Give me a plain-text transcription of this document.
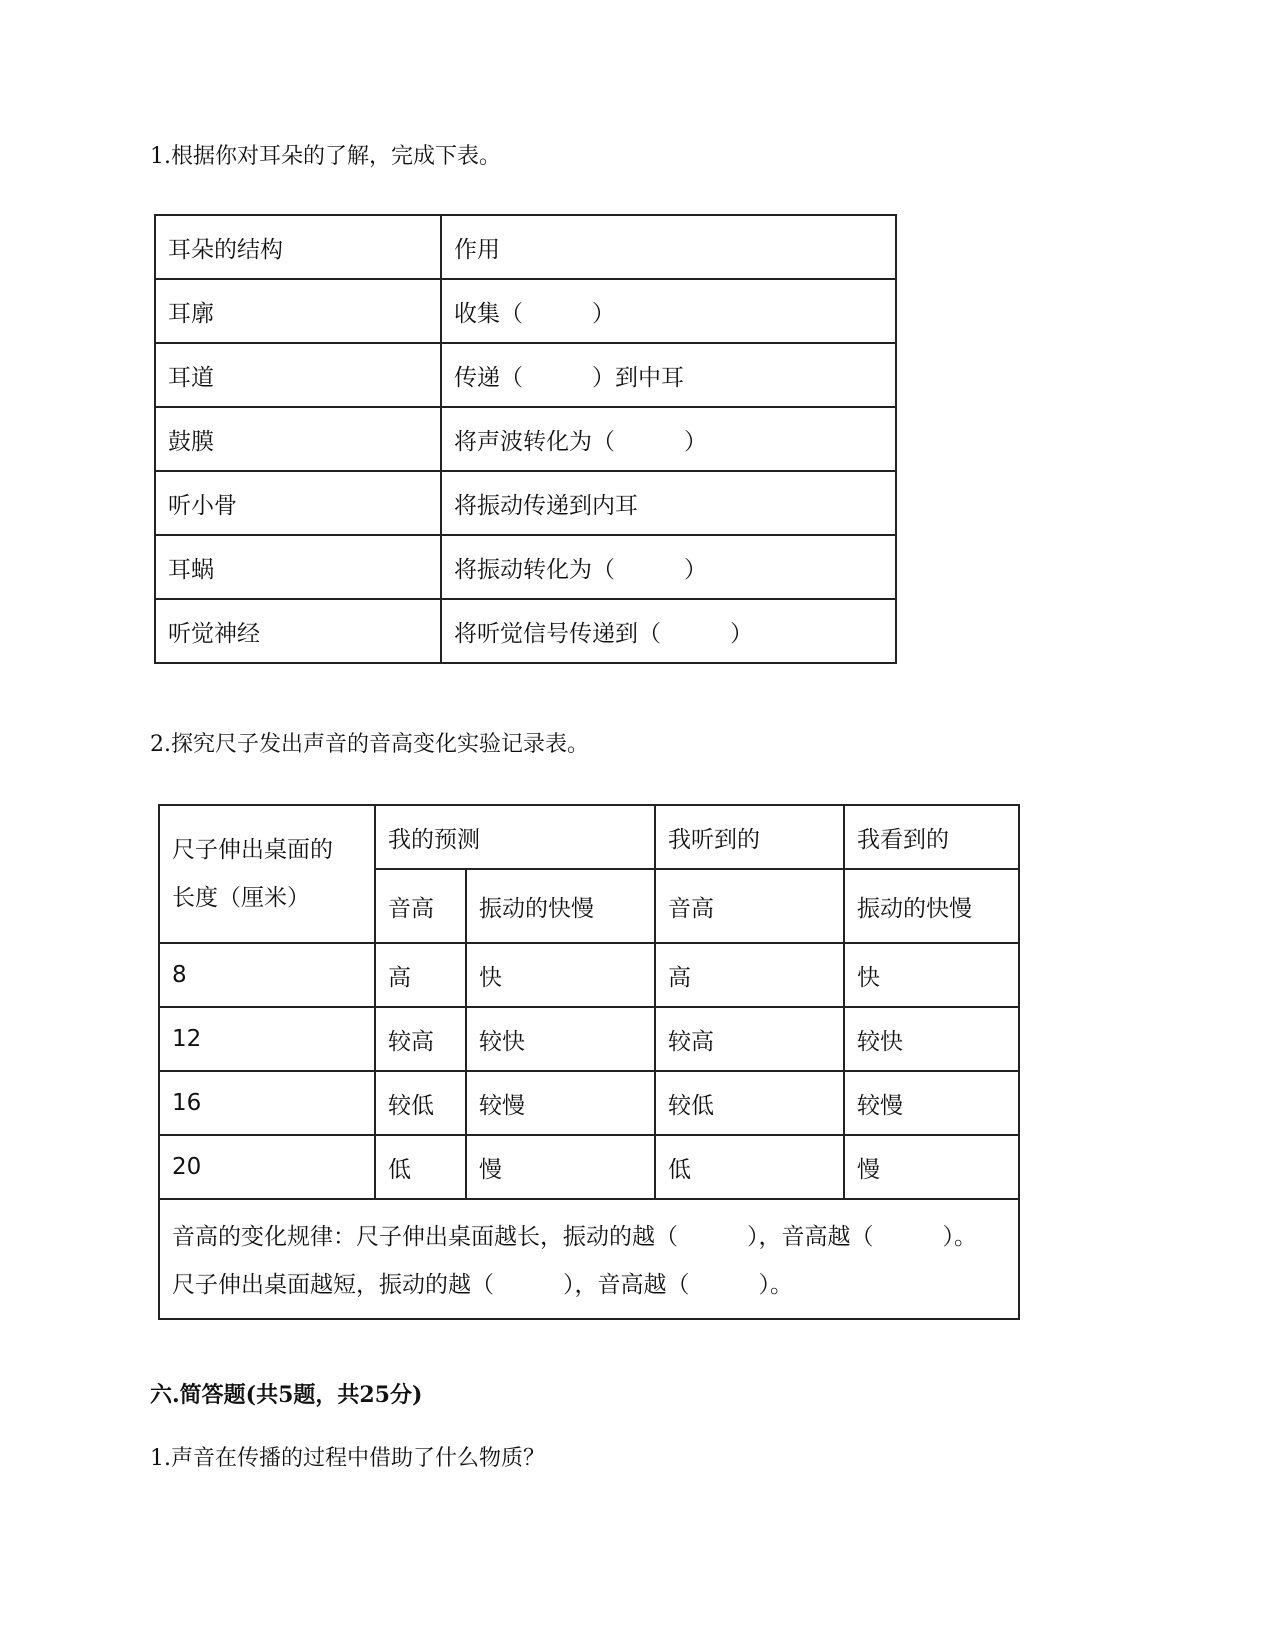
1.根据你对耳朵的了解，完成下表。
耳朵的结构	作用
耳廓	收集（　　　）
耳道	传递（　　　）到中耳
鼓膜	将声波转化为（　　　）
听小骨	将振动传递到内耳
耳蜗	将振动转化为（　　　）
听觉神经	将听觉信号传递到（　　　）
2.探究尺子发出声音的音高变化实验记录表。
尺子伸出桌面的
长度（厘米）	我的预测		我听到的	我看到的
	音高	振动的快慢	音高	振动的快慢
8	高	快	高	快
12	较高	较快	较高	较快
16	较低	较慢	较低	较慢
20	低	慢	低	慢

音高的变化规律：尺子伸出桌面越长，振动的越（　　　），音高越（　　　）。
尺子伸出桌面越短，振动的越（　　　），音高越（　　　）。				
六.简答题(共5题，共25分)
1.声音在传播的过程中借助了什么物质？
